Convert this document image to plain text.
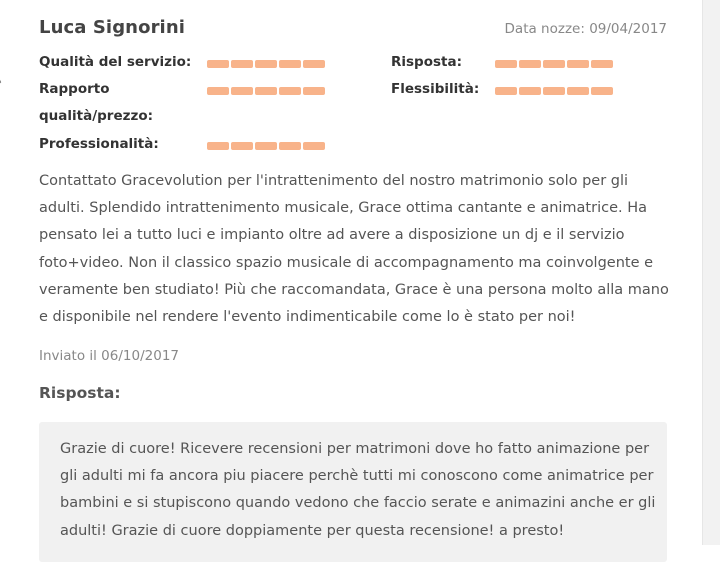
Luca Signorini	Data nozze: 09/04/2017
Qualità del servizio:
Rapporto qualità/prezzo:
Professionalità:
Risposta:
Flessibilità:

Contattato Gracevolution per l'intrattenimento del nostro matrimonio solo per gli adulti. Splendido intrattenimento musicale, Grace ottima cantante e animatrice. Ha pensato lei a tutto luci e impianto oltre ad avere a disposizione un dj e il servizio foto+video. Non il classico spazio musicale di accompagnamento ma coinvolgente e veramente ben studiato! Più che raccomandata, Grace è una persona molto alla mano e disponibile nel rendere l'evento indimenticabile come lo è stato per noi!

Inviato il 06/10/2017
Risposta:

Grazie di cuore! Ricevere recensioni per matrimoni dove ho fatto animazione per gli adulti mi fa ancora piu piacere perchè tutti mi conoscono come animatrice per bambini e si stupiscono quando vedono che faccio serate e animazini anche er gli adulti! Grazie di cuore doppiamente per questa recensione! a presto!
